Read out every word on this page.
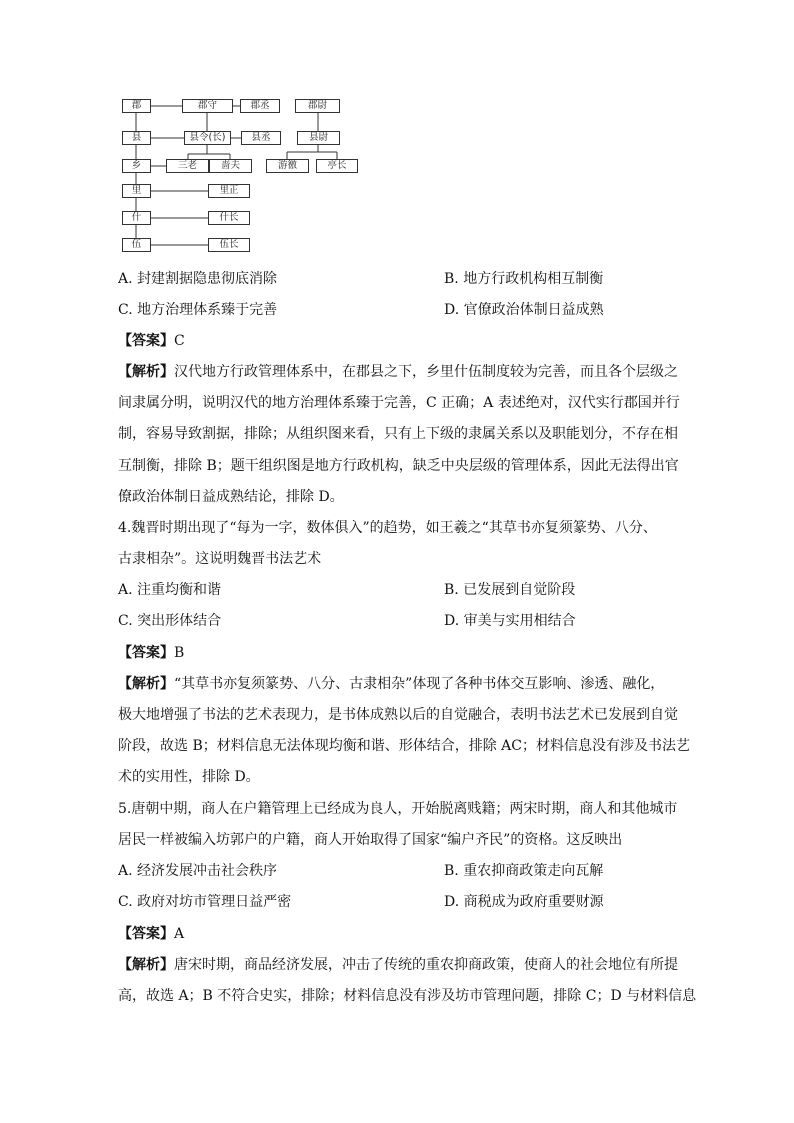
郡	郡守	郡丞	郡尉
县	县令(长)	县丞	县尉
乡	三老	啬夫	游徼	亭长
里	里正
什	什长
伍	伍长
A. 封建割据隐患彻底消除	B. 地方行政机构相互制衡
C. 地方治理体系臻于完善	D. 官僚政治体制日益成熟
【答案】C
【解析】汉代地方行政管理体系中，在郡县之下，乡里什伍制度较为完善，而且各个层级之
间隶属分明，说明汉代的地方治理体系臻于完善，C 正确；A 表述绝对，汉代实行郡国并行
制，容易导致割据，排除；从组织图来看，只有上下级的隶属关系以及职能划分，不存在相
互制衡，排除 B；题干组织图是地方行政机构，缺乏中央层级的管理体系，因此无法得出官
僚政治体制日益成熟结论，排除 D。
4.魏晋时期出现了“每为一字，数体俱入”的趋势，如王羲之“其草书亦复须篆势、八分、
古隶相杂”。这说明魏晋书法艺术
A. 注重均衡和谐	B. 已发展到自觉阶段
C. 突出形体结合	D. 审美与实用相结合
【答案】B
【解析】“其草书亦复须篆势、八分、古隶相杂”体现了各种书体交互影响、渗透、融化，
极大地增强了书法的艺术表现力，是书体成熟以后的自觉融合，表明书法艺术已发展到自觉
阶段，故选 B；材料信息无法体现均衡和谐、形体结合，排除 AC；材料信息没有涉及书法艺
术的实用性，排除 D。
5.唐朝中期，商人在户籍管理上已经成为良人，开始脱离贱籍；两宋时期，商人和其他城市
居民一样被编入坊郭户的户籍，商人开始取得了国家“编户齐民”的资格。这反映出
A. 经济发展冲击社会秩序	B. 重农抑商政策走向瓦解
C. 政府对坊市管理日益严密	D. 商税成为政府重要财源
【答案】A
【解析】唐宋时期，商品经济发展，冲击了传统的重农抑商政策，使商人的社会地位有所提
高，故选 A；B 不符合史实，排除；材料信息没有涉及坊市管理问题，排除 C；D 与材料信息
